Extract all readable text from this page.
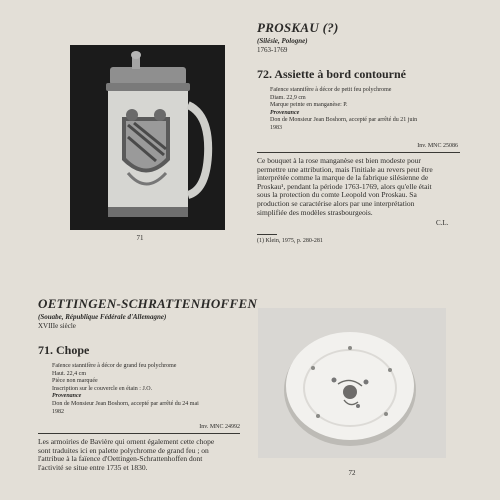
71
PROSKAU (?)
(Silésie, Pologne)
1763-1769
72. Assiette à bord contourné
Faïence stannifère à décor de petit feu polychrome
Diam. 22,9 cm
Marque peinte en manganèse: P.
Provenance
Don de Monsieur Jean Boshorn, accepté par arrêté du 21 juin
1983
Inv. MNC 25086
Ce bouquet à la rose manganèse est bien modeste pour
permettre une attribution, mais l'initiale au revers peut être
interprétée comme la marque de la fabrique silésienne de
Proskau¹, pendant la période 1763-1769, alors qu'elle était
sous la protection du comte Leopold von Proskau. Sa
production se caractérise alors par une interprétation
simplifiée des modèles strasbourgeois.
C.L.
(1) Klein, 1975, p. 280-281
OETTINGEN-SCHRATTENHOFFEN
(Souabe, République Fédérale d'Allemagne)
XVIIIe siècle
71. Chope
Faïence stannifère à décor de grand feu polychrome
Haut. 22,4 cm
Pièce non marquée
Inscription sur le couvercle en étain : J.O.
Provenance
Don de Monsieur Jean Boshorn, accepté par arrêté du 24 mai
1982
Inv. MNC 24992
Les armoiries de Bavière qui ornent également cette chope
sont traduites ici en palette polychrome de grand feu ; on
l'attribue à la faïence d'Oettingen-Schrattenhoffen dont
l'activité se situe entre 1735 et 1830.
72
